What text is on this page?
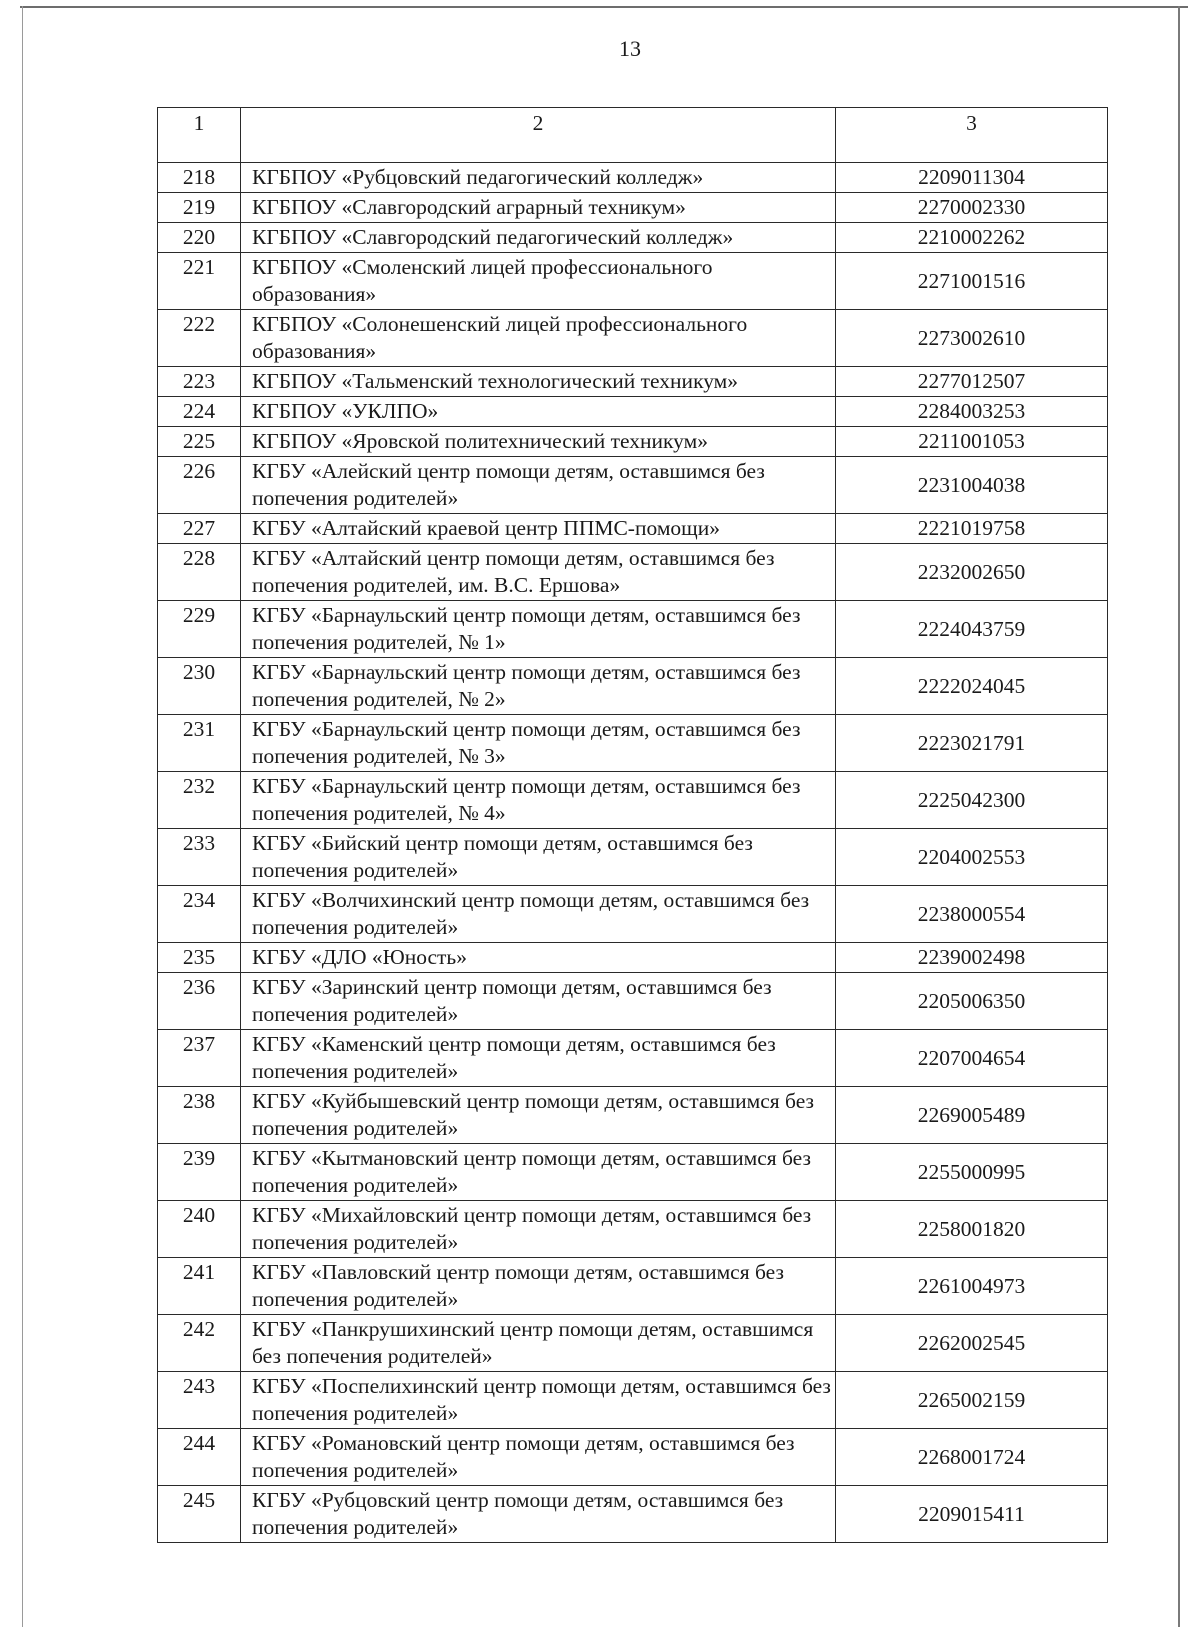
13
1	2	3
218	КГБПОУ «Рубцовский педагогический колледж»	2209011304
219	КГБПОУ «Славгородский аграрный техникум»	2270002330
220	КГБПОУ «Славгородский педагогический колледж»	2210002262
221	КГБПОУ «Смоленский лицей профессионального образования»	2271001516
222	КГБПОУ «Солонешенский лицей профессионального образования»	2273002610
223	КГБПОУ «Тальменский технологический техникум»	2277012507
224	КГБПОУ «УКЛПО»	2284003253
225	КГБПОУ «Яровской политехнический техникум»	2211001053
226	КГБУ «Алейский центр помощи детям, оставшимся без попечения родителей»	2231004038
227	КГБУ «Алтайский краевой центр ППМС-помощи»	2221019758
228	КГБУ «Алтайский центр помощи детям, оставшимся без попечения родителей, им. В.С. Ершова»	2232002650
229	КГБУ «Барнаульский центр помощи детям, оставшимся без попечения родителей, № 1»	2224043759
230	КГБУ «Барнаульский центр помощи детям, оставшимся без попечения родителей, № 2»	2222024045
231	КГБУ «Барнаульский центр помощи детям, оставшимся без попечения родителей, № 3»	2223021791
232	КГБУ «Барнаульский центр помощи детям, оставшимся без попечения родителей, № 4»	2225042300
233	КГБУ «Бийский центр помощи детям, оставшимся без попечения родителей»	2204002553
234	КГБУ «Волчихинский центр помощи детям, оставшимся без попечения родителей»	2238000554
235	КГБУ «ДЛО «Юность»	2239002498
236	КГБУ «Заринский центр помощи детям, оставшимся без попечения родителей»	2205006350
237	КГБУ «Каменский центр помощи детям, оставшимся без попечения родителей»	2207004654
238	КГБУ «Куйбышевский центр помощи детям, оставшимся без попечения родителей»	2269005489
239	КГБУ «Кытмановский центр помощи детям, оставшимся без попечения родителей»	2255000995
240	КГБУ «Михайловский центр помощи детям, оставшимся без попечения родителей»	2258001820
241	КГБУ «Павловский центр помощи детям, оставшимся без попечения родителей»	2261004973
242	КГБУ «Панкрушихинский центр помощи детям, оставшимся без попечения родителей»	2262002545
243	КГБУ «Поспелихинский центр помощи детям, оставшимся без попечения родителей»	2265002159
244	КГБУ «Романовский центр помощи детям, оставшимся без попечения родителей»	2268001724
245	КГБУ «Рубцовский центр помощи детям, оставшимся без попечения родителей»	2209015411
